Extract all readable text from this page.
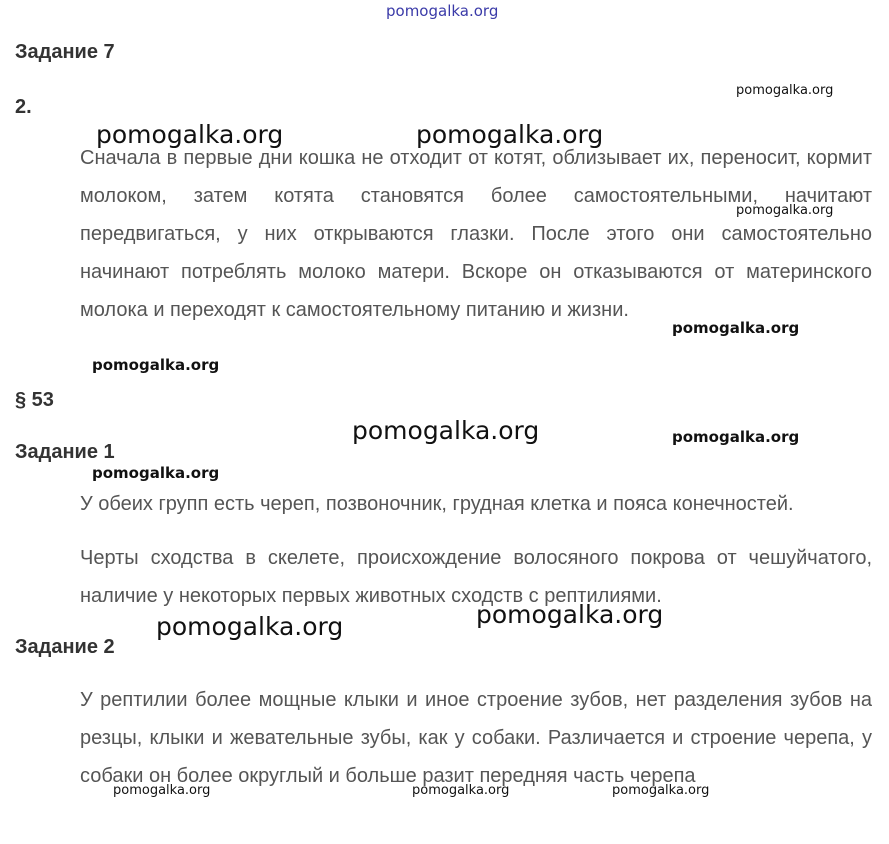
pomogalka.org
Задание 7
2.
Сначала в первые дни кошка не отходит от котят, облизывает их, переносит, кормит молоком, затем котята становятся более самостоятельными, начитают передвигаться, у них открываются глазки. После этого они самостоятельно начинают потреблять молоко матери. Вскоре он отказываются от материнского молока и переходят к самостоятельному питанию и жизни.
§ 53
Задание 1
У обеих групп есть череп, позвоночник, грудная клетка и пояса конечностей.
Черты сходства в скелете, происхождение волосяного покрова от чешуйчатого, наличие у некоторых первых животных сходств с рептилиями.
Задание 2
У рептилии более мощные клыки и иное строение зубов, нет разделения зубов на резцы, клыки и жевательные зубы, как у собаки. Различается и строение черепа, у собаки он более округлый и больше разит передняя часть черепа
pomogalka.org
pomogalka.org	pomogalka.org
pomogalka.org
pomogalka.org
pomogalka.org
pomogalka.org	pomogalka.org
pomogalka.org
pomogalka.org
pomogalka.org
pomogalka.org	pomogalka.org	pomogalka.org
